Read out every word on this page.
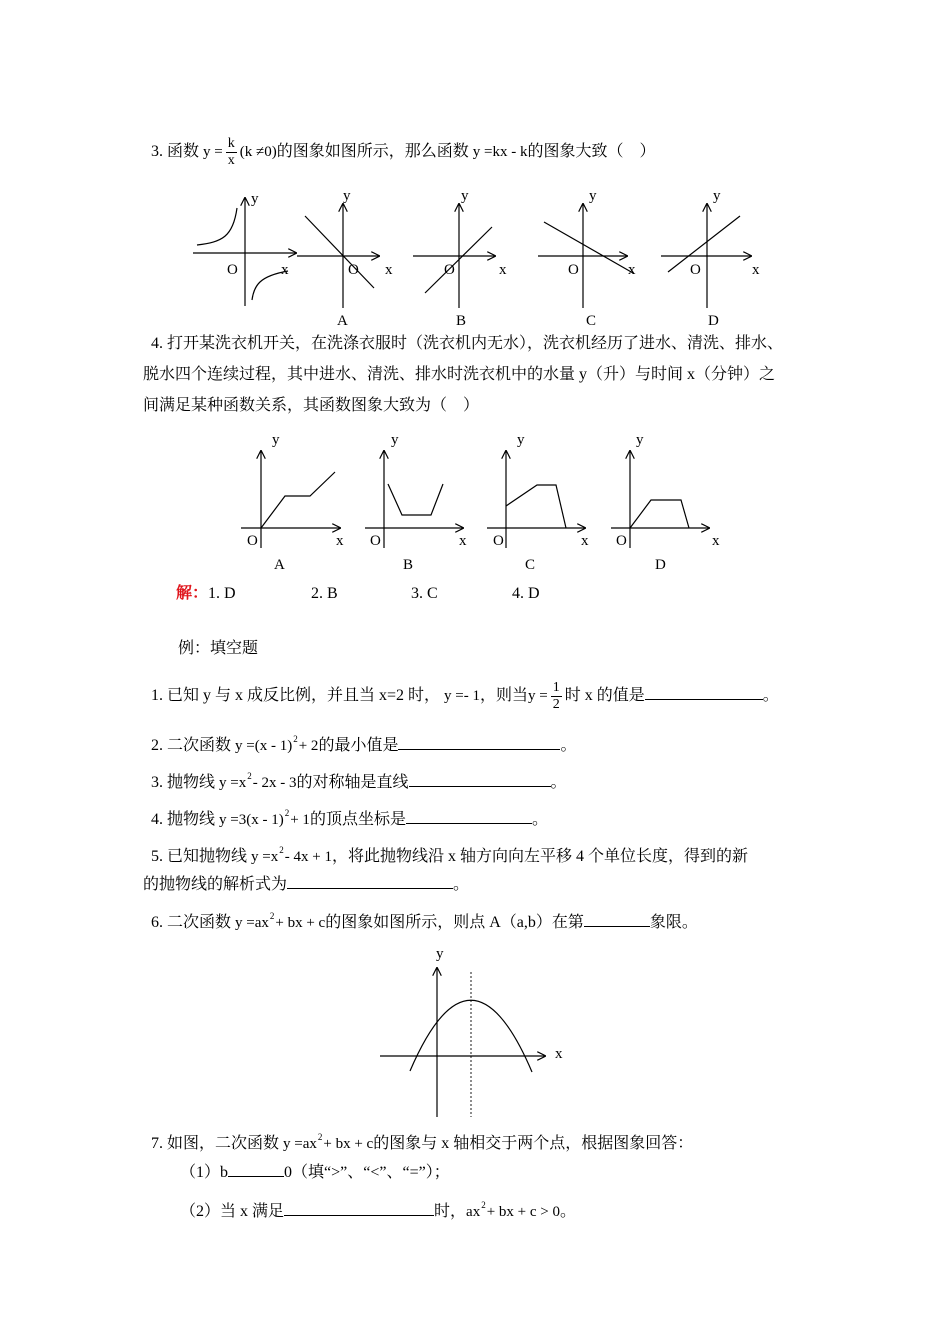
3. 函数 $y = \frac{k}{x} (k \ne 0)$的图象如图所示，那么函数 y =kx - k的图象大致（　）
4. 打开某洗衣机开关，在洗涤衣服时（洗衣机内无水），洗衣机经历了进水、清洗、排水、
脱水四个连续过程，其中进水、清洗、排水时洗衣机中的水量 y（升）与时间 x（分钟）之
间满足某种函数关系，其函数图象大致为（　）
解：1. D	2. B	3. C	4. D
例：填空题
1. 已知 y 与 x 成反比例，并且当 x=2 时， y =- 1，则当$y = \frac{1}{2}$ 时 x 的值是	。
2. 二次函数 y =(x - 1)$^2$+ 2的最小值是	。
3. 抛物线 $y =x^2-$ 2x - 3的对称轴是直线	。
4. 抛物线 y =3(x - 1)$^2$+ 1的顶点坐标是	。
5. 已知抛物线 $y =x^2-$ 4x + 1，将此抛物线沿 x 轴方向向左平移 4 个单位长度，得到的新
的抛物线的解析式为	。
6. 二次函数 $y =ax^2+$ bx + c的图象如图所示，则点 A（a,b）在第	象限。
7. 如图，二次函数 $y =ax^2+$ bx + c的图象与 x 轴相交于两个点，根据图象回答：
（1）b	0（填“>”、“<”、“=”）；
（2）当 x 满足	时，$ax^2+$ bx + c > 0。
y
O	x
y
O x
A
y
O	x
B
y
O	x
C
y
O	x
D
y
O	x
A
y
O	x
B
y
O	x
C
y
O	x
D
y
x
